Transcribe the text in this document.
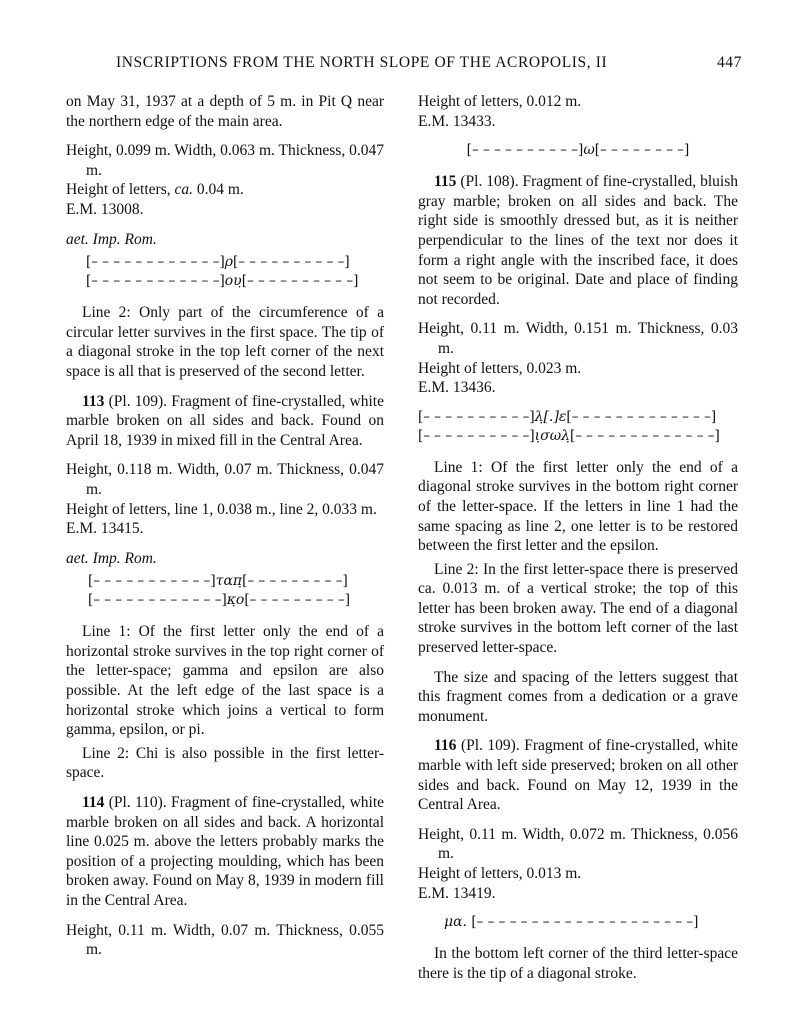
INSCRIPTIONS FROM THE NORTH SLOPE OF THE ACROPOLIS, II	447

on May 31, 1937 at a depth of 5 m. in Pit Q near the northern edge of the main area.

Height, 0.099 m. Width, 0.063 m. Thickness, 0.047 m.

Height of letters, ca. 0.04 m.

E.M. 13008.

aet. Imp. Rom.

[– – – – – – – – – – – –]ρ[– – – – – – – – – –]
[– – – – – – – – – – – –]ου̣[– – – – – – – – – –]

Line 2: Only part of the circumference of a circular letter survives in the first space. The tip of a diagonal stroke in the top left corner of the next space is all that is preserved of the second letter.

113 (Pl. 109). Fragment of fine-crystalled, white marble broken on all sides and back. Found on April 18, 1939 in mixed fill in the Central Area.

Height, 0.118 m. Width, 0.07 m. Thickness, 0.047 m.

Height of letters, line 1, 0.038 m., line 2, 0.033 m.

E.M. 13415.

aet. Imp. Rom.

[– – – – – – – – – – –]ταπ̣[– – – – – – – – –]
[– – – – – – – – – – – –]κ̣ο[– – – – – – – – –]

Line 1: Of the first letter only the end of a horizontal stroke survives in the top right corner of the letter-space; gamma and epsilon are also possible. At the left edge of the last space is a horizontal stroke which joins a vertical to form gamma, epsilon, or pi.

Line 2: Chi is also possible in the first letter-space.

114 (Pl. 110). Fragment of fine-crystalled, white marble broken on all sides and back. A horizontal line 0.025 m. above the letters probably marks the position of a projecting moulding, which has been broken away. Found on May 8, 1939 in modern fill in the Central Area.

Height, 0.11 m. Width, 0.07 m. Thickness, 0.055 m.

Height of letters, 0.012 m.

E.M. 13433.

[– – – – – – – – – –]ω[– – – – – – – –]

115 (Pl. 108). Fragment of fine-crystalled, bluish gray marble; broken on all sides and back. The right side is smoothly dressed but, as it is neither perpendicular to the lines of the text nor does it form a right angle with the inscribed face, it does not seem to be original. Date and place of finding not recorded.

Height, 0.11 m. Width, 0.151 m. Thickness, 0.03 m.

Height of letters, 0.023 m.

E.M. 13436.

[– – – – – – – – – –]λ̣[.]ε[– – – – – – – – – – – – –]
[– – – – – – – – – –]ι̣σωλ̣[– – – – – – – – – – – – –]

Line 1: Of the first letter only the end of a diagonal stroke survives in the bottom right corner of the letter-space. If the letters in line 1 had the same spacing as line 2, one letter is to be restored between the first letter and the epsilon.

Line 2: In the first letter-space there is preserved ca. 0.013 m. of a vertical stroke; the top of this letter has been broken away. The end of a diagonal stroke survives in the bottom left corner of the last preserved letter-space.

The size and spacing of the letters suggest that this fragment comes from a dedication or a grave monument.

116 (Pl. 109). Fragment of fine-crystalled, white marble with left side preserved; broken on all other sides and back. Found on May 12, 1939 in the Central Area.

Height, 0.11 m. Width, 0.072 m. Thickness, 0.056 m.

Height of letters, 0.013 m.

E.M. 13419.

μα. [– – – – – – – – – – – – – – – – – – – –]

In the bottom left corner of the third letter-space there is the tip of a diagonal stroke.
